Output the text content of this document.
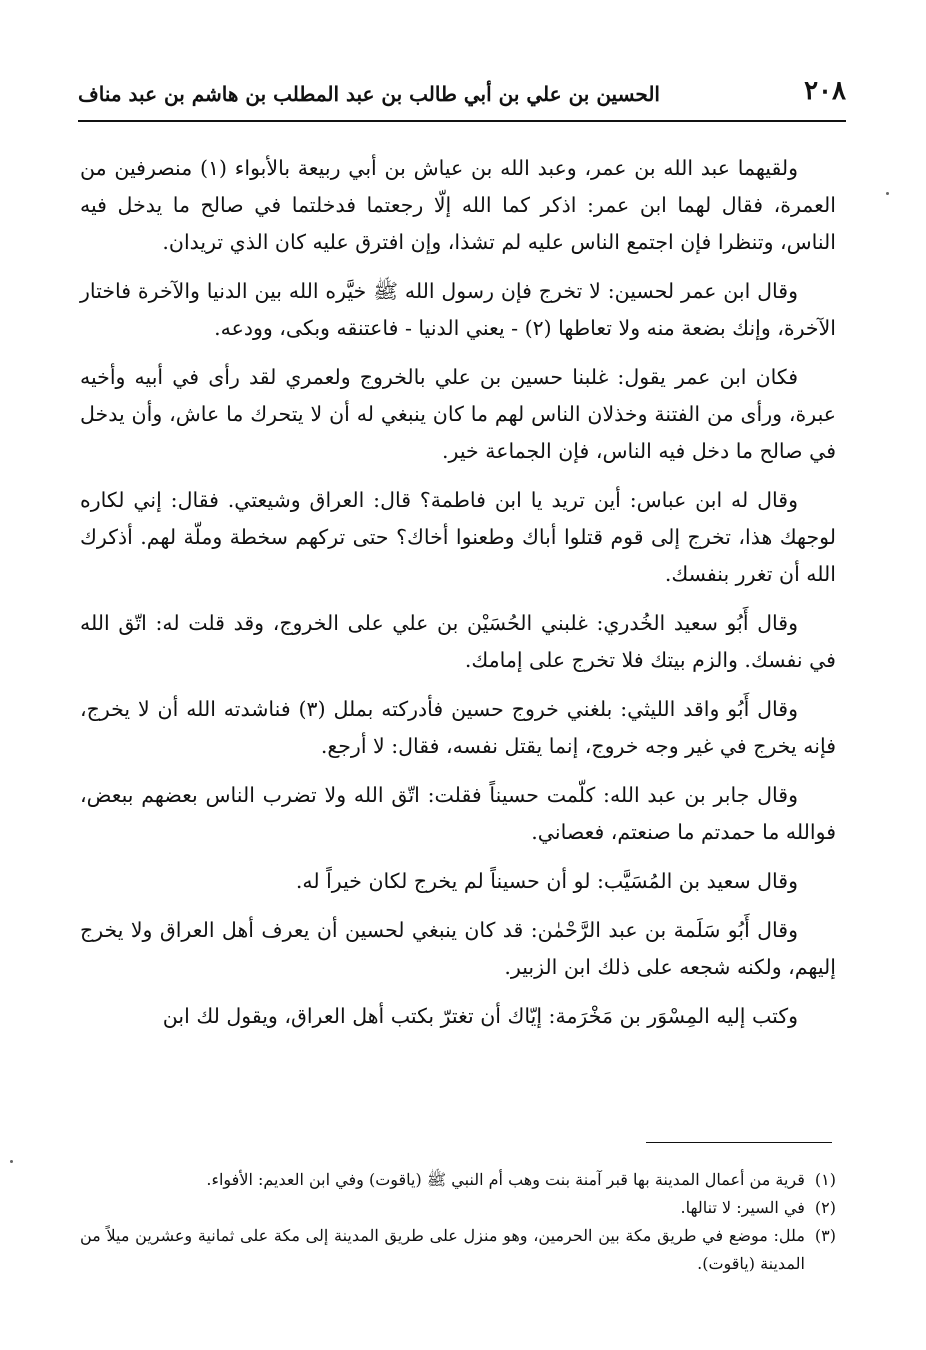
٢٠٨
الحسين بن علي بن أبي طالب بن عبد المطلب بن هاشم بن عبد مناف

ولقيهما عبد الله بن عمر، وعبد الله بن عياش بن أبي ربيعة بالأبواء (١) منصرفين من العمرة، فقال لهما ابن عمر: اذكر كما الله إلّا رجعتما فدخلتما في صالح ما يدخل فيه الناس، وتنظرا فإن اجتمع الناس عليه لم تشذا، وإن افترق عليه كان الذي تريدان.

وقال ابن عمر لحسين: لا تخرج فإن رسول الله ﷺ خيَّره الله بين الدنيا والآخرة فاختار الآخرة، وإنك بضعة منه ولا تعاطها (٢) - يعني الدنيا - فاعتنقه وبكى، وودعه.

فكان ابن عمر يقول: غلبنا حسين بن علي بالخروج ولعمري لقد رأى في أبيه وأخيه عبرة، ورأى من الفتنة وخذلان الناس لهم ما كان ينبغي له أن لا يتحرك ما عاش، وأن يدخل في صالح ما دخل فيه الناس، فإن الجماعة خير.

وقال له ابن عباس: أين تريد يا ابن فاطمة؟ قال: العراق وشيعتي. فقال: إني لكاره لوجهك هذا، تخرج إلى قوم قتلوا أباك وطعنوا أخاك؟ حتى تركهم سخطة وملّة لهم. أذكرك الله أن تغرر بنفسك.

وقال أَبُو سعيد الخُدري: غلبني الحُسَيْن بن علي على الخروج، وقد قلت له: اتّق الله في نفسك. والزم بيتك فلا تخرج على إمامك.

وقال أَبُو واقد الليثي: بلغني خروج حسين فأدركته بملل (٣) فناشدته الله أن لا يخرج، فإنه يخرج في غير وجه خروج، إنما يقتل نفسه، فقال: لا أرجع.

وقال جابر بن عبد الله: كلّمت حسيناً فقلت: اتّق الله ولا تضرب الناس بعضهم ببعض، فوالله ما حمدتم ما صنعتم، فعصاني.

وقال سعيد بن المُسَيَّب: لو أن حسيناً لم يخرج لكان خيراً له.

وقال أَبُو سَلَمة بن عبد الرَّحْمٰن: قد كان ينبغي لحسين أن يعرف أهل العراق ولا يخرج إليهم، ولكنه شجعه على ذلك ابن الزبير.

وكتب إليه المِسْوَر بن مَخْرَمة: إيّاك أن تغترّ بكتب أهل العراق، ويقول لك ابن

(١)
قرية من أعمال المدينة بها قبر آمنة بنت وهب أم النبي ﷺ (ياقوت) وفي ابن العديم: الأفواء.
(٢)
في السير: لا تنالها.
(٣)
ملل: موضع في طريق مكة بين الحرمين، وهو منزل على طريق المدينة إلى مكة على ثمانية وعشرين ميلاً من المدينة (ياقوت).
